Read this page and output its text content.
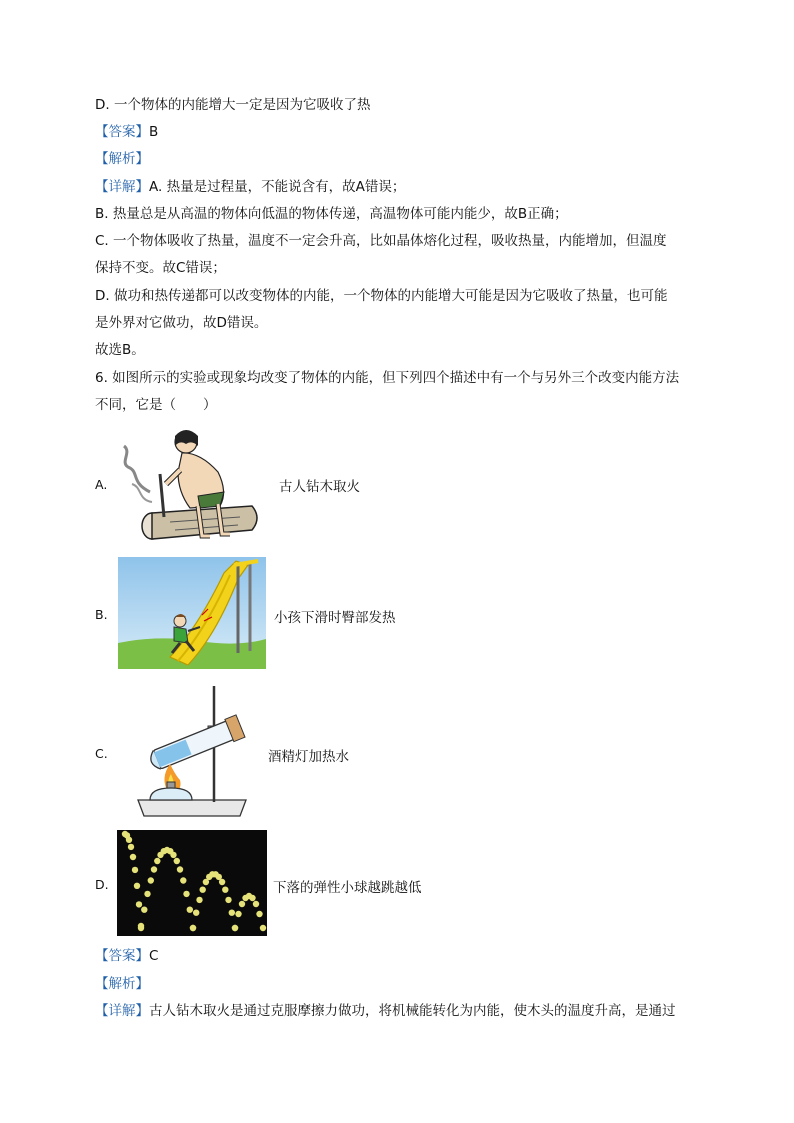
D. 一个物体的内能增大一定是因为它吸收了热
【答案】B
【解析】
【详解】A. 热量是过程量，不能说含有，故A错误；
B. 热量总是从高温的物体向低温的物体传递，高温物体可能内能少，故B正确；
C. 一个物体吸收了热量，温度不一定会升高，比如晶体熔化过程，吸收热量，内能增加，但温度
保持不变。故C错误；
D. 做功和热传递都可以改变物体的内能，一个物体的内能增大可能是因为它吸收了热量，也可能
是外界对它做功，故D错误。
故选B。
6. 如图所示的实验或现象均改变了物体的内能，但下列四个描述中有一个与另外三个改变内能方法
不同，它是（　　）
A.	古人钻木取火
B.	小孩下滑时臀部发热
C.	酒精灯加热水
D.	下落的弹性小球越跳越低
【答案】C
【解析】
【详解】古人钻木取火是通过克服摩擦力做功，将机械能转化为内能，使木头的温度升高，是通过
